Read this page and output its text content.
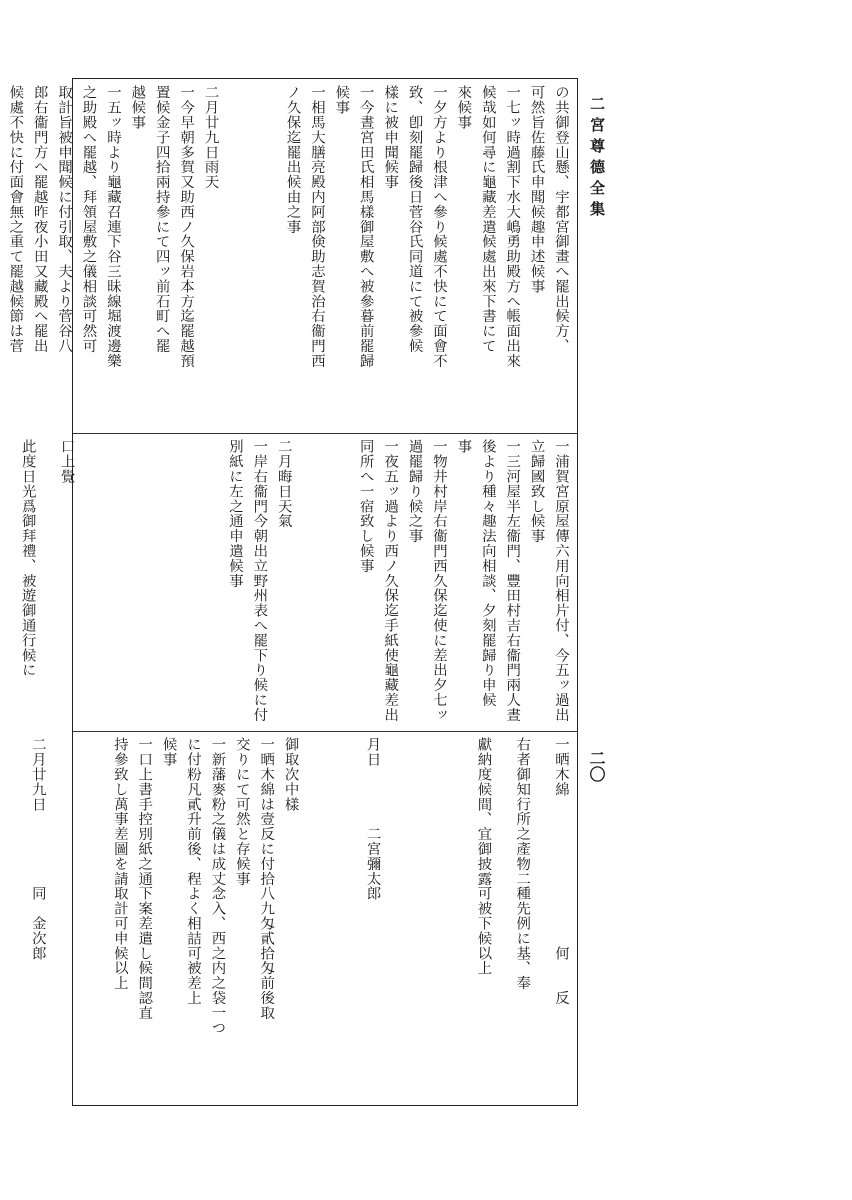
二宮尊德全集
二〇
の共御登山懸、宇都宮御畫へ罷出候方、
可然旨佐藤氏申聞候趣申述候事
一七ッ時過割下水大嶋勇助殿方へ帳面出來
候哉如何尋に龜藏差遣候處出來下書にて
來候事
一夕方より根津へ參り候處不快にて面會不
致、卽刻罷歸後日菅谷氏同道にて被參候
樣に被申聞候事
一今晝宮田氏相馬樣御屋敷へ被參暮前罷歸
候事
一相馬大膳亮殿内阿部倹助志賀治右衞門西
ノ久保迄罷出候由之事
二月廿九日雨天
一今早朝多賀又助西ノ久保岩本方迄罷越預
置候金子四拾兩持參にて四ッ前石町へ罷
越候事
一五ッ時より龜藏召連下谷三昧線堀渡邊樂
之助殿へ罷越、拜領屋敷之儀相談可然可
取計旨被申聞候に付引取、夫より菅谷八
郎右衞門方へ罷越昨夜小田又藏殿へ罷出
候處不快に付面會無之重て罷越候節は菅
一浦賀宮原屋傳六用向相片付、今五ッ過出
立歸國致し候事
一三河屋半左衞門、豐田村吉右衞門兩人晝
後より種々趣法向相談、夕刻罷歸り申候
事
一物井村岸右衞門西久保迄使に差出夕七ッ
過罷歸り候之事
一夜五ッ過より西ノ久保迄手紙使龜藏差出
同所へ一宿致し候事
二月晦日天氣
一岸右衞門今朝出立野州表へ罷下り候に付
別紙に左之通申遣候事
口上覺
此度日光爲御拜禮、被遊御通行候に
一晒木綿　　　　　　　　　　何　　反
右者御知行所之產物二種先例に基、奉
獻納度候間、宜御披露可被下候以上
月日　　　　二宮彌太郎
御取次中樣
一晒木綿は壹反に付拾八九匁貳拾匁前後取
交りにて可然と存候事
一新藩麥粉之儀は成丈念入、西之内之袋一つ
に付粉凡貳升前後、程よく相詰可被差上
候事
一口上書手控別紙之通下案差遣し候間認直
持參致し萬事差圖を請取計可申候以上
二月廿九日　　　　　同　金次郎
